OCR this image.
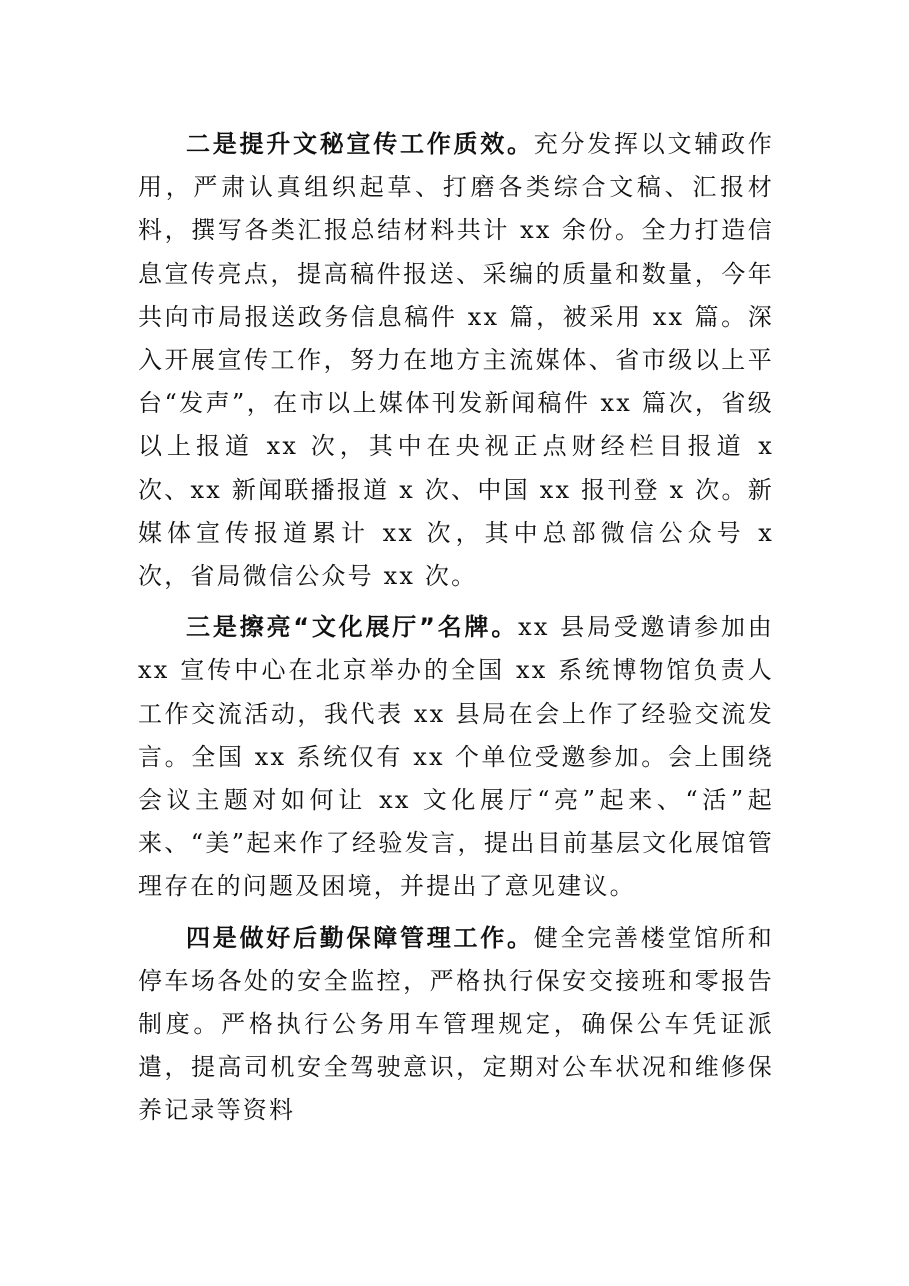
二是提升文秘宣传工作质效。充分发挥以文辅政作用，严肃认真组织起草、打磨各类综合文稿、汇报材料，撰写各类汇报总结材料共计 xx 余份。全力打造信息宣传亮点，提高稿件报送、采编的质量和数量，今年共向市局报送政务信息稿件 xx 篇，被采用 xx 篇。深入开展宣传工作，努力在地方主流媒体、省市级以上平台“发声”，在市以上媒体刊发新闻稿件 xx 篇次，省级以上报道 xx 次，其中在央视正点财经栏目报道 x 次、xx 新闻联播报道 x 次、中国 xx 报刊登 x 次。新媒体宣传报道累计 xx 次，其中总部微信公众号 x 次，省局微信公众号 xx 次。

三是擦亮“文化展厅”名牌。xx 县局受邀请参加由 xx 宣传中心在北京举办的全国 xx 系统博物馆负责人工作交流活动，我代表 xx 县局在会上作了经验交流发言。全国 xx 系统仅有 xx 个单位受邀参加。会上围绕会议主题对如何让 xx 文化展厅“亮”起来、“活”起来、“美”起来作了经验发言，提出目前基层文化展馆管理存在的问题及困境，并提出了意见建议。

四是做好后勤保障管理工作。健全完善楼堂馆所和停车场各处的安全监控，严格执行保安交接班和零报告制度。严格执行公务用车管理规定，确保公车凭证派遣，提高司机安全驾驶意识，定期对公车状况和维修保养记录等资料
